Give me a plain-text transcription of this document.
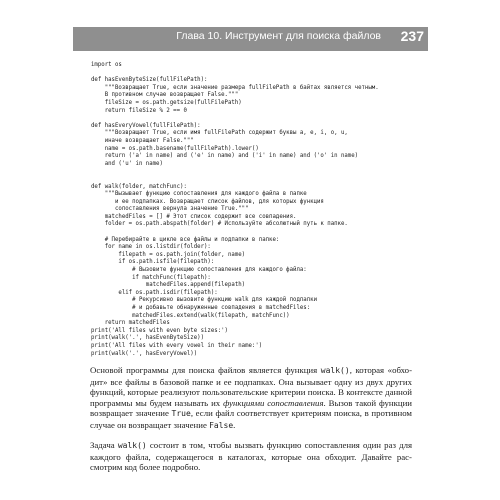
Глава 10. Инструмент для поиска файлов 237
import os
def hasEvenByteSize(fullFilePath):
"""Возвращает True, если значение размера fullFilePath в байтах является четным.
В противном случае возвращает False."""
fileSize = os.path.getsize(fullFilePath)
return fileSize % 2 == 0
def hasEveryVowel(fullFilePath):
"""Возвращает True, если имя fullFilePath содержит буквы a, e, i, o, u,
иначе возвращает False."""
name = os.path.basename(fullFilePath).lower()
return ('a' in name) and ('e' in name) and ('i' in name) and ('o' in name)
and ('u' in name)
def walk(folder, matchFunc):
"""Вызывает функцию сопоставления для каждого файла в папке
и ее подпапках. Возвращает список файлов, для которых функция
сопоставления вернула значение True."""
matchedFiles = [] # Этот список содержит все совпадения.
folder = os.path.abspath(folder) # Используйте абсолютный путь к папке.
# Перебирайте в цикле все файлы и подпапки в папке:
for name in os.listdir(folder):
filepath = os.path.join(folder, name)
if os.path.isfile(filepath):
# Вызовите функцию сопоставления для каждого файла:
if matchFunc(filepath):
matchedFiles.append(filepath)
elif os.path.isdir(filepath):
# Рекурсивно вызовите функцию walk для каждой подпапки
# и добавьте обнаруженные совпадения в matchedFiles:
matchedFiles.extend(walk(filepath, matchFunc))
return matchedFiles
print('All files with even byte sizes:')
print(walk('.', hasEvenByteSize))
print('All files with every vowel in their name:')
print(walk('.', hasEveryVowel))

Основой программы для поиска файлов является функция walk(), которая «обхо-дит» все файлы в базовой папке и ее подпапках. Она вызывает одну из двух других функций, которые реализуют пользовательские критерии поиска. В контексте данной программы мы будем называть их функциями сопоставления. Вызов такой функции возвращает значение True, если файл соответствует критериям поиска, в противном случае он возвращает значение False.

Задача walk() состоит в том, чтобы вызвать функцию сопоставления один раз для каждого файла, содержащегося в каталогах, которые она обходит. Давайте рас-смотрим код более подробно.
